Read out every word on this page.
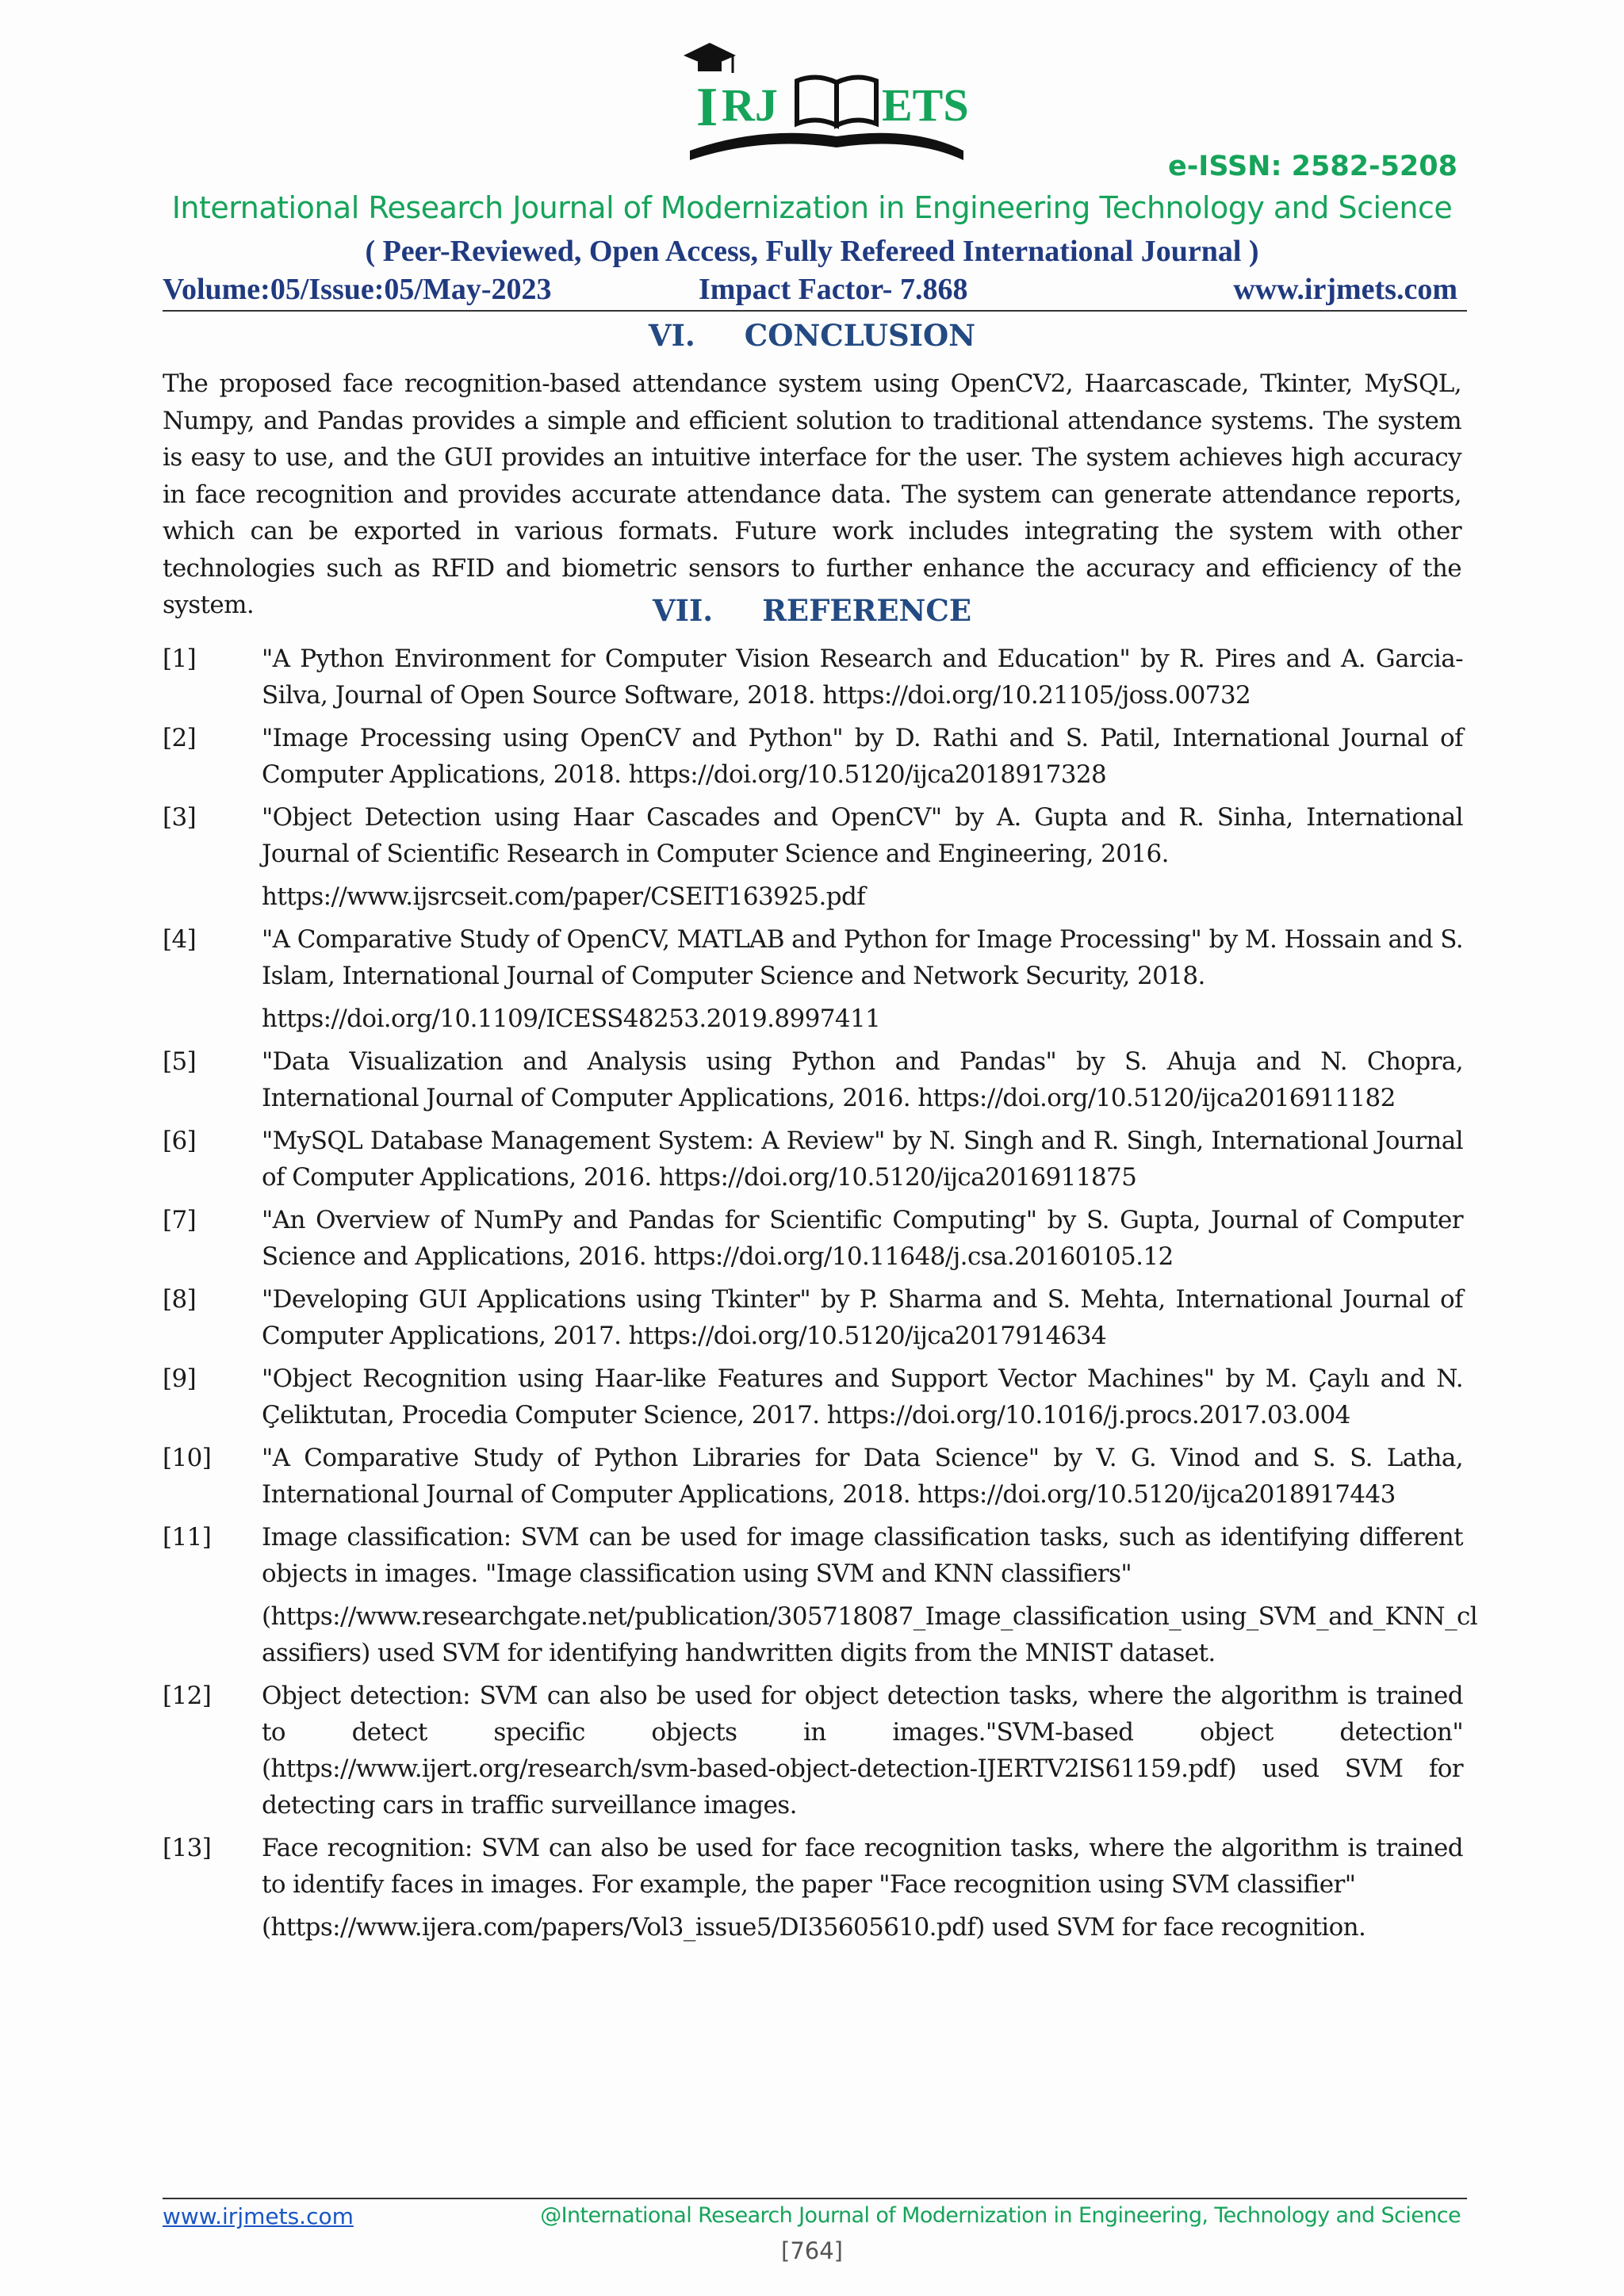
I RJ ETS
e-ISSN: 2582-5208
International Research Journal of Modernization in Engineering Technology and Science
( Peer-Reviewed, Open Access, Fully Refereed International Journal )
Volume:05/Issue:05/May-2023	Impact Factor- 7.868	www.irjmets.com
VI. CONCLUSION
The proposed face recognition-based attendance system using OpenCV2, Haarcascade, Tkinter, MySQL, Numpy, and Pandas provides a simple and efficient solution to traditional attendance systems. The system is easy to use, and the GUI provides an intuitive interface for the user. The system achieves high accuracy in face recognition and provides accurate attendance data. The system can generate attendance reports, which can be exported in various formats. Future work includes integrating the system with other technologies such as RFID and biometric sensors to further enhance the accuracy and efficiency of the system.	VII. REFERENCE
[1]	"A Python Environment for Computer Vision Research and Education" by R. Pires and A. Garcia-Silva, Journal of Open Source Software, 2018. https://doi.org/10.21105/joss.00732
[2]	"Image Processing using OpenCV and Python" by D. Rathi and S. Patil, International Journal of Computer Applications, 2018. https://doi.org/10.5120/ijca2018917328
[3]	"Object Detection using Haar Cascades and OpenCV" by A. Gupta and R. Sinha, International Journal of Scientific Research in Computer Science and Engineering, 2016.
https://www.ijsrcseit.com/paper/CSEIT163925.pdf
[4]	"A Comparative Study of OpenCV, MATLAB and Python for Image Processing" by M. Hossain and S. Islam, International Journal of Computer Science and Network Security, 2018.
https://doi.org/10.1109/ICESS48253.2019.8997411
[5]	"Data Visualization and Analysis using Python and Pandas" by S. Ahuja and N. Chopra, International Journal of Computer Applications, 2016. https://doi.org/10.5120/ijca2016911182
[6]	"MySQL Database Management System: A Review" by N. Singh and R. Singh, International Journal of Computer Applications, 2016. https://doi.org/10.5120/ijca2016911875
[7]	"An Overview of NumPy and Pandas for Scientific Computing" by S. Gupta, Journal of Computer Science and Applications, 2016. https://doi.org/10.11648/j.csa.20160105.12
[8]	"Developing GUI Applications using Tkinter" by P. Sharma and S. Mehta, International Journal of Computer Applications, 2017. https://doi.org/10.5120/ijca2017914634
[9]	"Object Recognition using Haar-like Features and Support Vector Machines" by M. Çaylı and N. Çeliktutan, Procedia Computer Science, 2017. https://doi.org/10.1016/j.procs.2017.03.004
[10]	"A Comparative Study of Python Libraries for Data Science" by V. G. Vinod and S. S. Latha, International Journal of Computer Applications, 2018. https://doi.org/10.5120/ijca2018917443
[11]	Image classification: SVM can be used for image classification tasks, such as identifying different objects in images. "Image classification using SVM and KNN classifiers"
(https://www.researchgate.net/publication/305718087_Image_classification_using_SVM_and_KNN_cl assifiers) used SVM for identifying handwritten digits from the MNIST dataset.
[12]	Object detection: SVM can also be used for object detection tasks, where the algorithm is trained to detect specific objects in images."SVM-based object detection" (https://www.ijert.org/research/svm-based-object-detection-IJERTV2IS61159.pdf) used SVM for detecting cars in traffic surveillance images.
[13]	Face recognition: SVM can also be used for face recognition tasks, where the algorithm is trained to identify faces in images. For example, the paper "Face recognition using SVM classifier"
(https://www.ijera.com/papers/Vol3_issue5/DI35605610.pdf) used SVM for face recognition.
www.irjmets.com	@International Research Journal of Modernization in Engineering, Technology and Science
[764]
